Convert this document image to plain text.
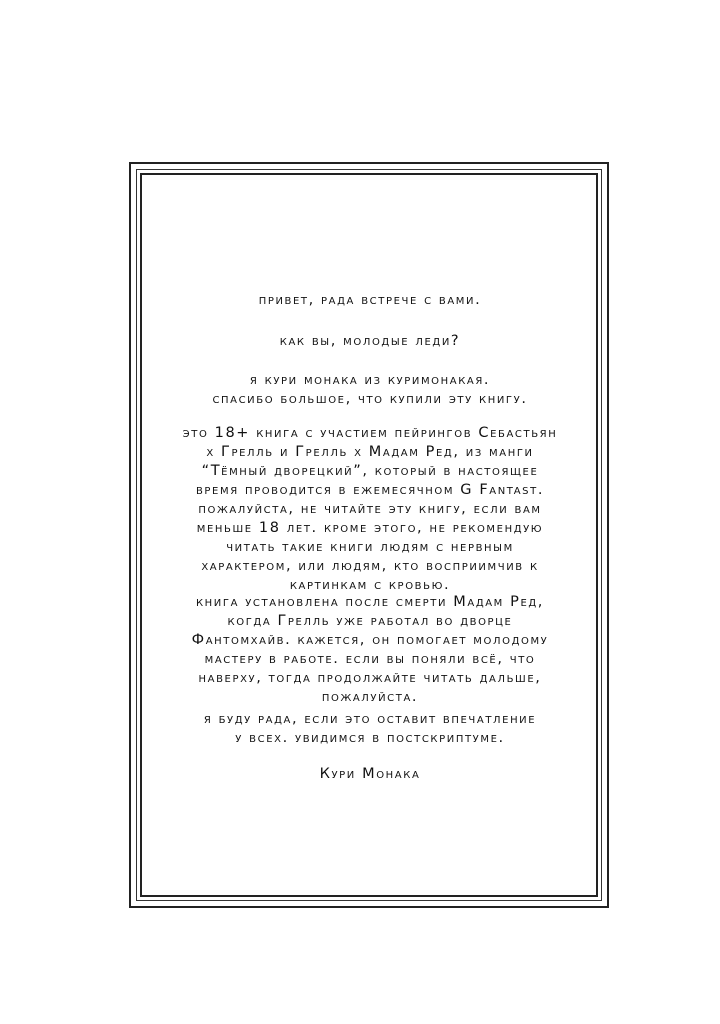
привет, рада встрече с вами.
как вы, молодые леди?
я кури монака из куримонакая.
спасибо большое, что купили эту книгу.
это 18+ книга с участием пейрингов Себастьян
х Грелль и Грелль х Мадам Ред, из манги
“Тёмный дворецкий”, который в настоящее
время проводится в ежемесячном G Fantast.
пожалуйста, не читайте эту книгу, если вам
меньше 18 лет. кроме этого, не рекомендую
читать такие книги людям с нервным
характером, или людям, кто восприимчив к
картинкам с кровью.
книга установлена после смерти Мадам Ред,
когда Грелль уже работал во дворце
Фантомхайв. кажется, он помогает молодому
мастеру в работе. если вы поняли всё, что
наверху, тогда продолжайте читать дальше,
пожалуйста.
я буду рада, если это оставит впечатление
у всех. увидимся в постскриптуме.
Кури Монака
